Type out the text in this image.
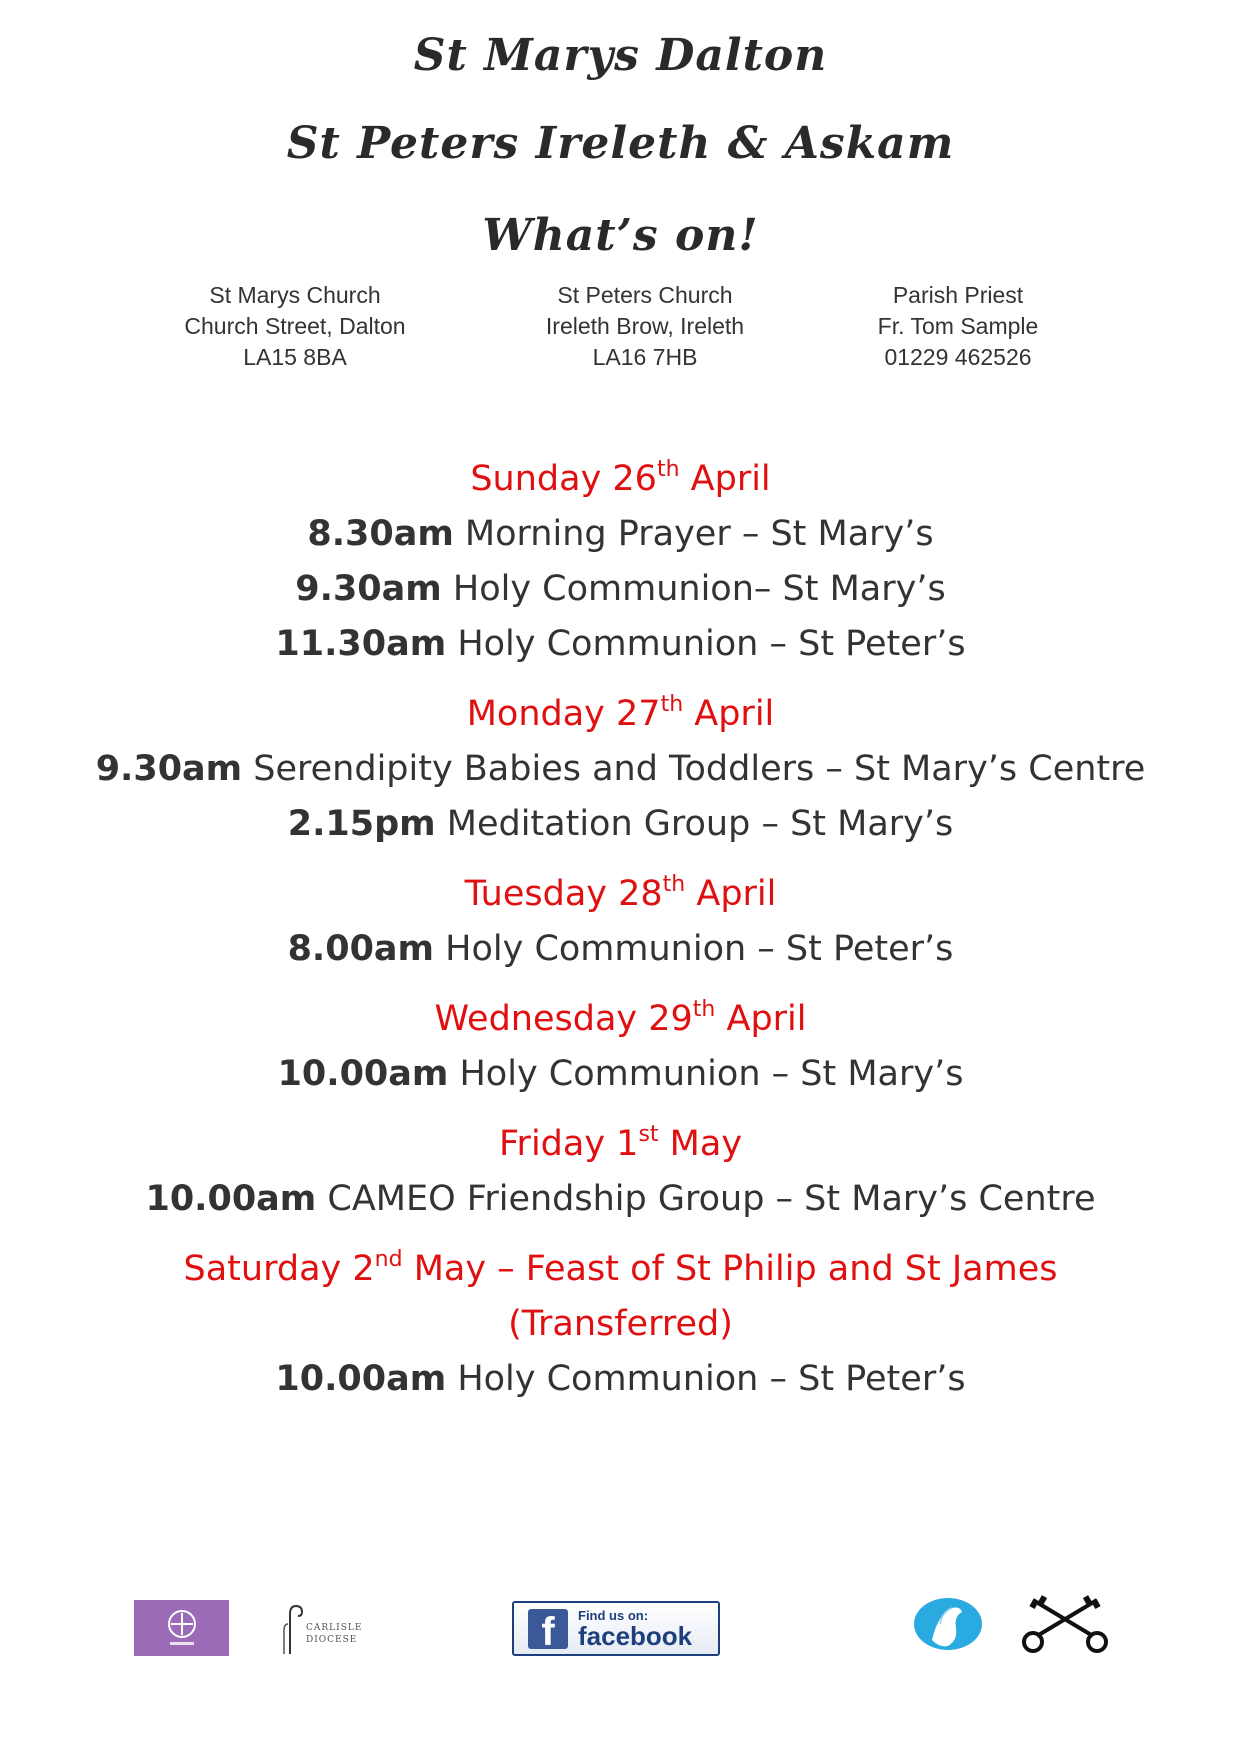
St Marys Dalton
St Peters Ireleth & Askam
What’s on!
St Marys Church
Church Street, Dalton
LA15 8BA
St Peters Church
Ireleth Brow, Ireleth
LA16 7HB
Parish Priest
Fr. Tom Sample
01229 462526
Sunday 26th April
8.30am Morning Prayer – St Mary’s
9.30am Holy Communion– St Mary’s
11.30am Holy Communion – St Peter’s
Monday 27th April
9.30am Serendipity Babies and Toddlers – St Mary’s Centre
2.15pm Meditation Group – St Mary’s
Tuesday 28th April
8.00am Holy Communion – St Peter’s
Wednesday 29th April
10.00am Holy Communion – St Mary’s
Friday 1st May
10.00am CAMEO Friendship Group – St Mary’s Centre
Saturday 2nd May – Feast of St Philip and St James
(Transferred)
10.00am Holy Communion – St Peter’s
CARLISLE DIOCESE	f	Find us on:
facebook
